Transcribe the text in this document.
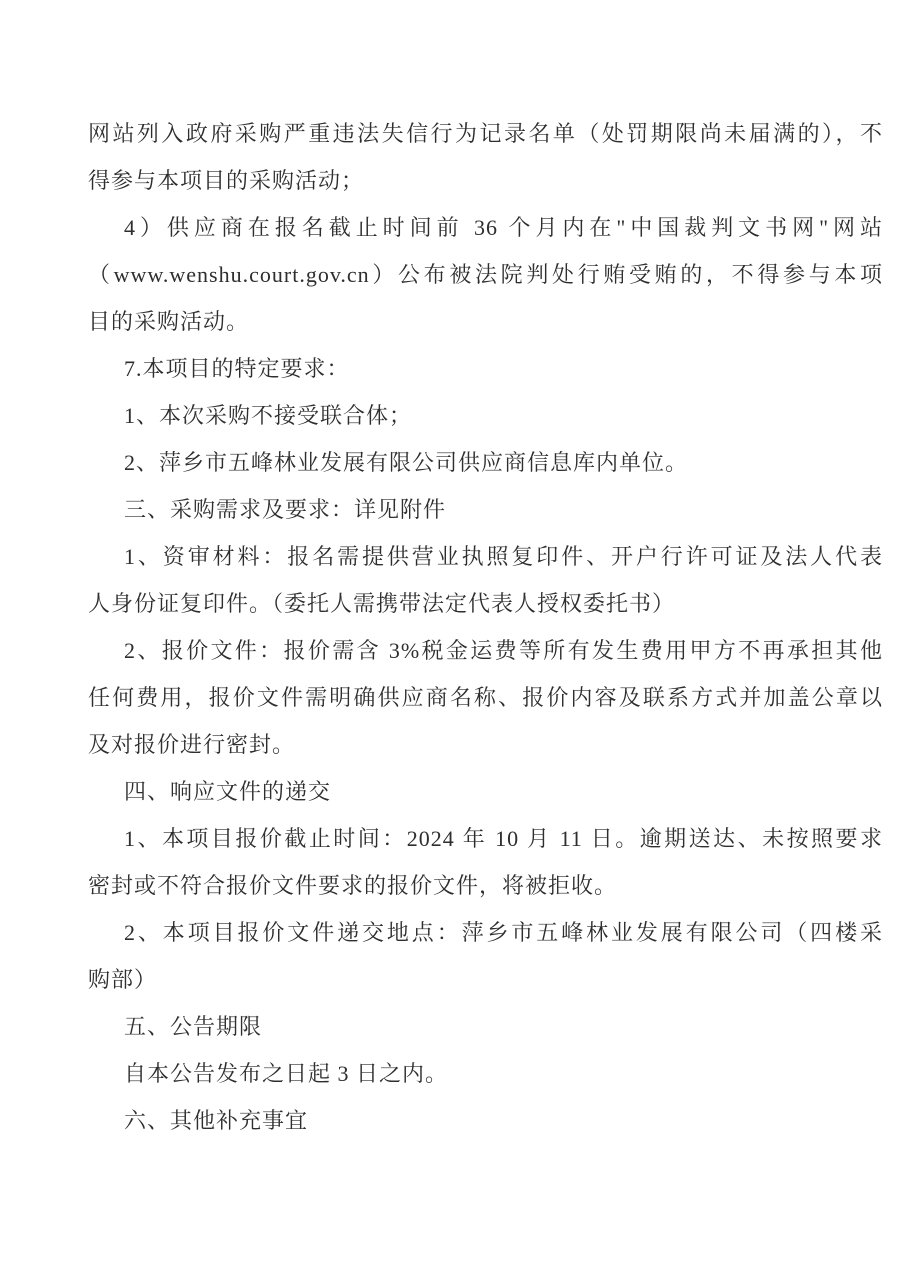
网站列入政府采购严重违法失信行为记录名单（处罚期限尚未届满的），不
得参与本项目的采购活动；
4）供应商在报名截止时间前 36 个月内在"中国裁判文书网"网站
（www.wenshu.court.gov.cn）公布被法院判处行贿受贿的，不得参与本项
目的采购活动。
7.本项目的特定要求：
1、本次采购不接受联合体；
2、萍乡市五峰林业发展有限公司供应商信息库内单位。
三、采购需求及要求：详见附件
1、资审材料：报名需提供营业执照复印件、开户行许可证及法人代表
人身份证复印件。（委托人需携带法定代表人授权委托书）
2、报价文件：报价需含 3%税金运费等所有发生费用甲方不再承担其他
任何费用，报价文件需明确供应商名称、报价内容及联系方式并加盖公章以
及对报价进行密封。
四、响应文件的递交
1、本项目报价截止时间：2024 年 10 月 11 日。逾期送达、未按照要求
密封或不符合报价文件要求的报价文件，将被拒收。
2、本项目报价文件递交地点：萍乡市五峰林业发展有限公司（四楼采
购部）
五、公告期限
自本公告发布之日起 3 日之内。
六、其他补充事宜
